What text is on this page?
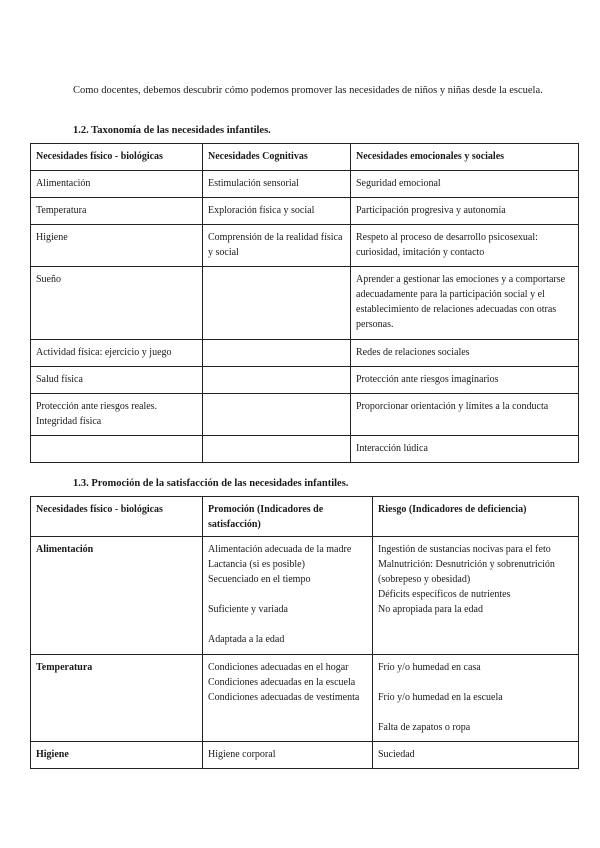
Como docentes, debemos descubrir cómo podemos promover las necesidades de niños y niñas desde la escuela.

1.2. Taxonomía de las necesidades infantiles.
Necesidades físico - biológicas	Necesidades Cognitivas	Necesidades emocionales y sociales
Alimentación	Estimulación sensorial	Seguridad emocional
Temperatura	Exploración física y social	Participación progresiva y autonomía
Higiene	Comprensión de la realidad física y social	Respeto al proceso de desarrollo psicosexual: curiosidad, imitación y contacto
Sueño		Aprender a gestionar las emociones y a comportarse adecuadamente para la participación social y el establecimiento de relaciones adecuadas con otras personas.
Actividad física: ejercicio y juego		Redes de relaciones sociales
Salud física		Protección ante riesgos imaginarios
Protección ante riesgos reales. Integridad física		Proporcionar orientación y límites a la conducta
		Interacción lúdica
1.3. Promoción de la satisfacción de las necesidades infantiles.
Necesidades físico - biológicas	Promoción (Indicadores de satisfacción)	Riesgo (Indicadores de deficiencia)
Alimentación	Alimentación adecuada de la madre
Lactancia (si es posible)
Secuenciado en el tiempo
Suficiente y variada
Adaptada a la edad	Ingestión de sustancias nocivas para el feto
Malnutrición: Desnutrición y sobrenutrición (sobrepeso y obesidad)
Déficits específicos de nutrientes
No apropiada para la edad

Temperatura	Condiciones adecuadas en el hogar
Condiciones adecuadas en la escuela
Condiciones adecuadas de vestimenta	Frío y/o humedad en casa
Frío y/o humedad en la escuela
Falta de zapatos o ropa

Higiene	Higiene corporal	Suciedad
